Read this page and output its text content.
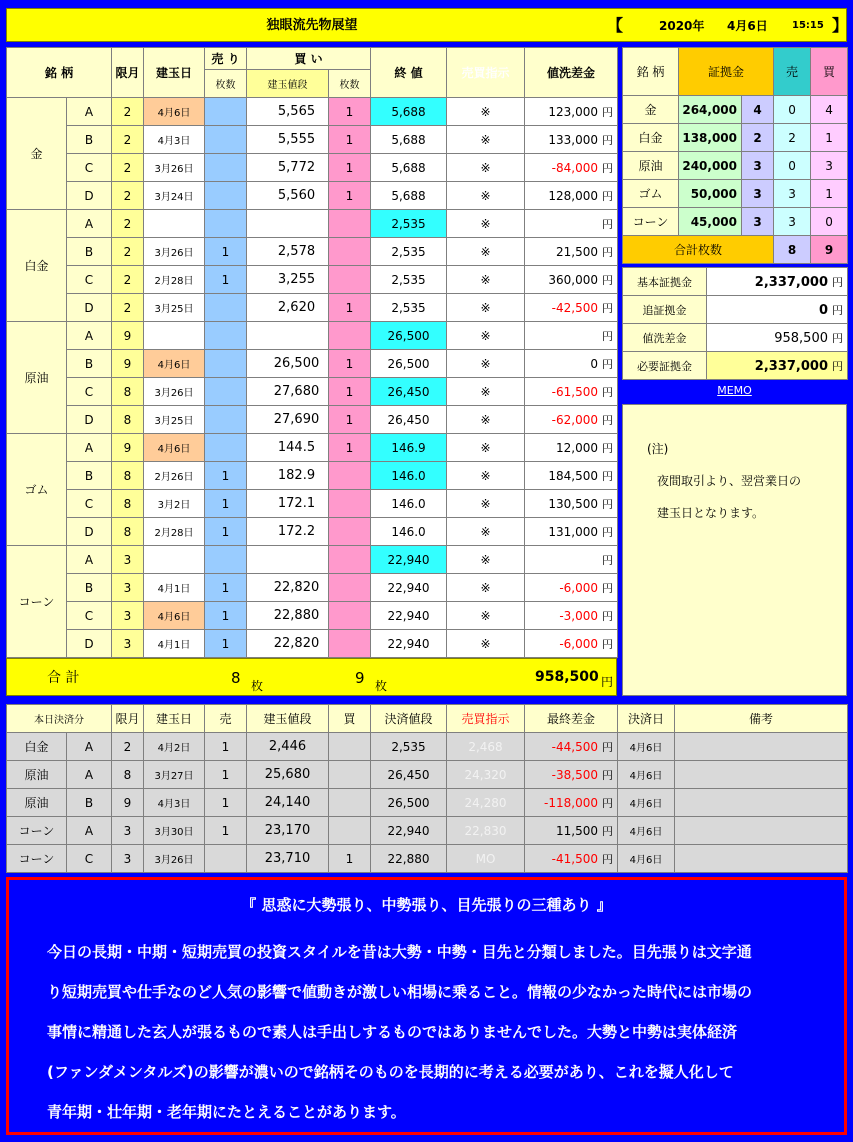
独眼流先物展望	【	2020年 4月6日 15:15 】
銘 柄		限月	建玉日	売 り	買 い		終 値	売買指示	値洗差金
				枚数	建玉値段	枚数			
金	A	2	4月6日		5,565	1	5,688	※	123,000 円
	B	2	4月3日		5,555	1	5,688	※	133,000 円
	C	2	3月26日		5,772	1	5,688	※	-84,000 円
	D	2	3月24日		5,560	1	5,688	※	128,000 円
白金	A	2					2,535	※	円
	B	2	3月26日	1	2,578		2,535	※	21,500 円
	C	2	2月28日	1	3,255		2,535	※	360,000 円
	D	2	3月25日		2,620	1	2,535	※	-42,500 円
原油	A	9					26,500	※	円
	B	9	4月6日		26,500	1	26,500	※	0 円
	C	8	3月26日		27,680	1	26,450	※	-61,500 円
	D	8	3月25日		27,690	1	26,450	※	-62,000 円
ゴム	A	9	4月6日		144.5	1	146.9	※	12,000 円
	B	8	2月26日	1	182.9		146.0	※	184,500 円
	C	8	3月2日	1	172.1		146.0	※	130,500 円
	D	8	2月28日	1	172.2		146.0	※	131,000 円
コーン	A	3					22,940	※	円
	B	3	4月1日	1	22,820		22,940	※	-6,000 円
	C	3	4月6日	1	22,880		22,940	※	-3,000 円
	D	3	4月1日	1	22,820		22,940	※	-6,000 円
合 計	8 枚	9 枚
958,500 円
銘 柄	証拠金		売	買
金	264,000	4	0	4
白金	138,000	2	2	1
原油	240,000	3	0	3
ゴム	50,000	3	3	1
コーン	45,000	3	3	0
合計枚数			8	9
基本証拠金	2,337,000 円
追証拠金	0 円
値洗差金	958,500 円
必要証拠金	2,337,000 円
MEMO
(注)
夜間取引より、翌営業日の
建玉日となります。
本日決済分		限月	建玉日	売	建玉値段	買	決済値段	売買指示	最終差金	決済日	備考
白金	A	2	4月2日	1	2,446		2,535	2,468	-44,500 円	4月6日	
原油	A	8	3月27日	1	25,680		26,450	24,320	-38,500 円	4月6日	
原油	B	9	4月3日	1	24,140		26,500	24,280	-118,000 円	4月6日	
コーン	A	3	3月30日	1	23,170		22,940	22,830	11,500 円	4月6日	
コーン	C	3	3月26日		23,710	1	22,880	MO	-41,500 円	4月6日	
『 思惑に大勢張り、中勢張り、目先張りの三種あり 』
今日の長期・中期・短期売買の投資スタイルを昔は大勢・中勢・目先と分類しました。目先張りは文字通
り短期売買や仕手なのど人気の影響で値動きが激しい相場に乗ること。情報の少なかった時代には市場の
事情に精通した玄人が張るもので素人は手出しするものではありませんでした。大勢と中勢は実体経済
(ファンダメンタルズ)の影響が濃いので銘柄そのものを長期的に考える必要があり、これを擬人化して
青年期・壮年期・老年期にたとえることがあります。
